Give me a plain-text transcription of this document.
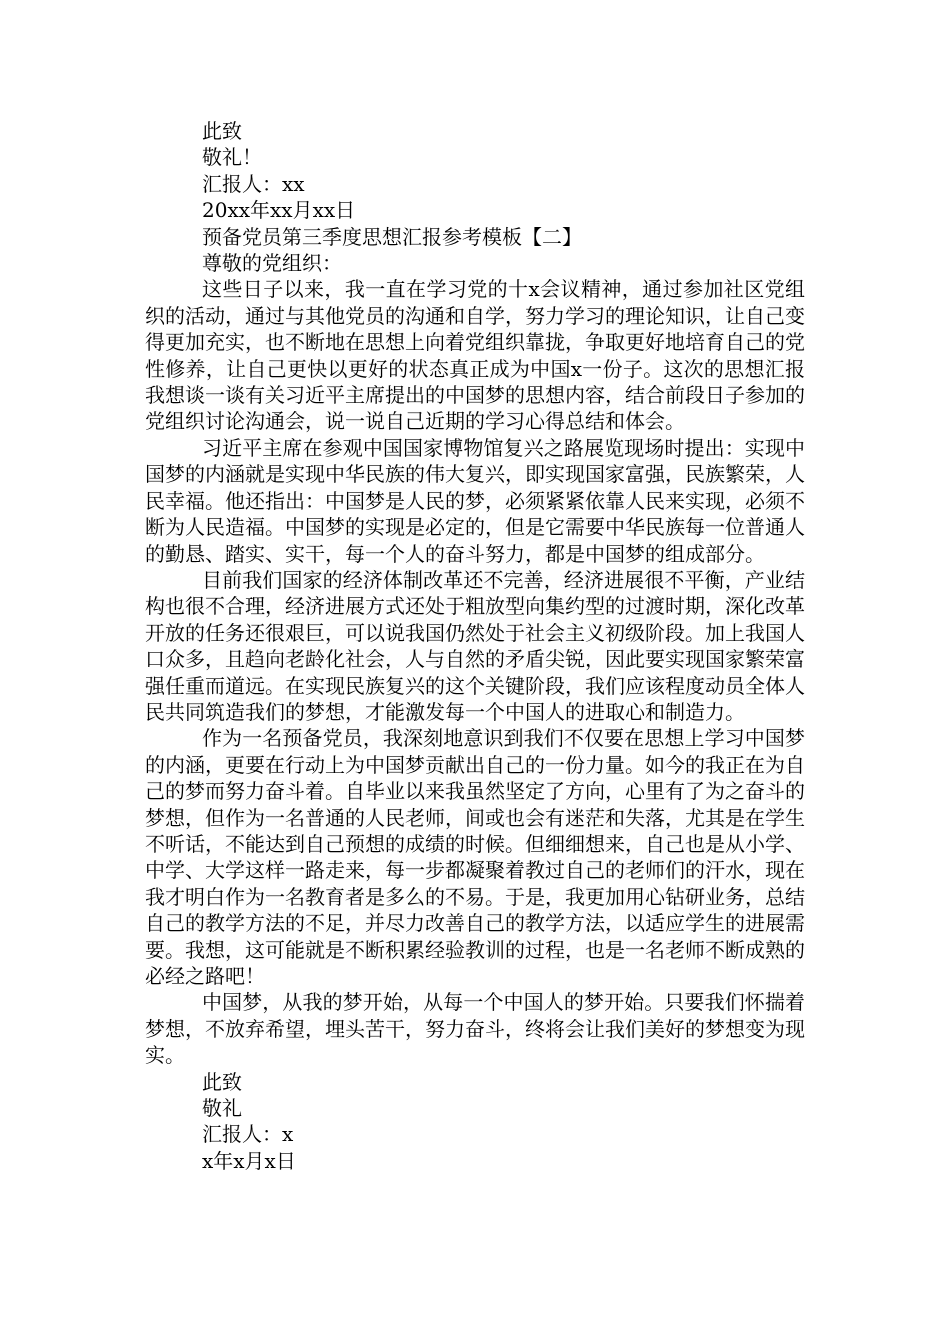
此致

敬礼！

汇报人：xx

20xx年xx月xx日

预备党员第三季度思想汇报参考模板【二】

尊敬的党组织：

这些日子以来，我一直在学习党的十x会议精神，通过参加社区党组织的活动，通过与其他党员的沟通和自学，努力学习的理论知识，让自己变得更加充实，也不断地在思想上向着党组织靠拢，争取更好地培育自己的党性修养，让自己更快以更好的状态真正成为中国x一份子。这次的思想汇报我想谈一谈有关习近平主席提出的中国梦的思想内容，结合前段日子参加的党组织讨论沟通会，说一说自己近期的学习心得总结和体会。

习近平主席在参观中国国家博物馆复兴之路展览现场时提出：实现中国梦的内涵就是实现中华民族的伟大复兴，即实现国家富强，民族繁荣，人民幸福。他还指出：中国梦是人民的梦，必须紧紧依靠人民来实现，必须不断为人民造福。中国梦的实现是必定的，但是它需要中华民族每一位普通人的勤恳、踏实、实干，每一个人的奋斗努力，都是中国梦的组成部分。

目前我们国家的经济体制改革还不完善，经济进展很不平衡，产业结构也很不合理，经济进展方式还处于粗放型向集约型的过渡时期，深化改革开放的任务还很艰巨，可以说我国仍然处于社会主义初级阶段。加上我国人口众多，且趋向老龄化社会，人与自然的矛盾尖锐，因此要实现国家繁荣富强任重而道远。在实现民族复兴的这个关键阶段，我们应该程度动员全体人民共同筑造我们的梦想，才能激发每一个中国人的进取心和制造力。

作为一名预备党员，我深刻地意识到我们不仅要在思想上学习中国梦的内涵，更要在行动上为中国梦贡献出自己的一份力量。如今的我正在为自己的梦而努力奋斗着。自毕业以来我虽然坚定了方向，心里有了为之奋斗的梦想，但作为一名普通的人民老师，间或也会有迷茫和失落，尤其是在学生不听话，不能达到自己预想的成绩的时候。但细细想来，自己也是从小学、中学、大学这样一路走来，每一步都凝聚着教过自己的老师们的汗水，现在我才明白作为一名教育者是多么的不易。于是，我更加用心钻研业务，总结自己的教学方法的不足，并尽力改善自己的教学方法，以适应学生的进展需要。我想，这可能就是不断积累经验教训的过程，也是一名老师不断成熟的必经之路吧！

中国梦，从我的梦开始，从每一个中国人的梦开始。只要我们怀揣着梦想，不放弃希望，埋头苦干，努力奋斗，终将会让我们美好的梦想变为现实。

此致

敬礼

汇报人：x

x年x月x日
